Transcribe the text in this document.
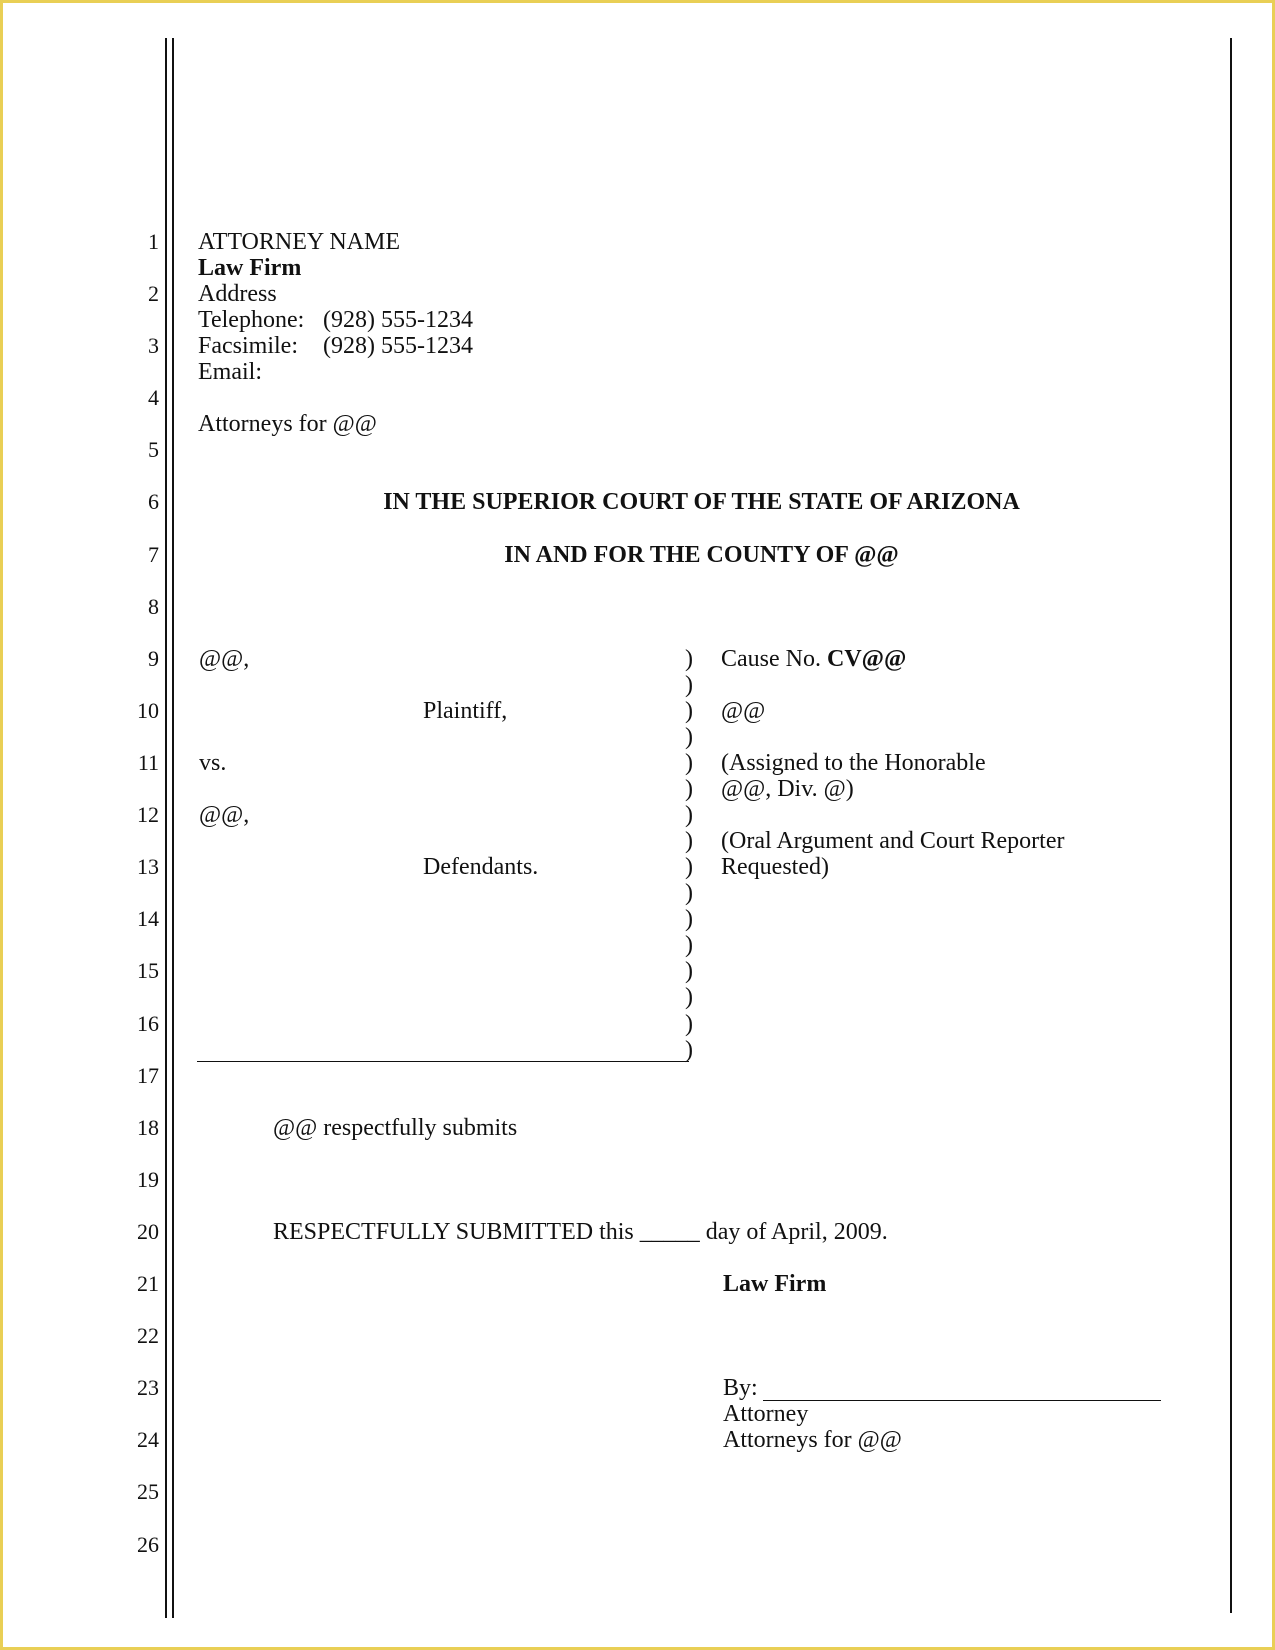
1
2
3
4
5
6
7
8
9
10
11
12
13
14
15
16
17
18
19
20
21
22
23
24
25
26
ATTORNEY NAME
Law Firm
Address
Telephone: (928) 555-1234
Facsimile: (928) 555-1234
Email:
Attorneys for @@
IN THE SUPERIOR COURT OF THE STATE OF ARIZONA
IN AND FOR THE COUNTY OF @@
@@,
Plaintiff,
vs.
@@,
Defendants.
)
)
)
)
)
)
)
)
)
)
)
)
)
)
)
)
Cause No. CV@@
@@
(Assigned to the Honorable
@@, Div. @)
(Oral Argument and Court Reporter
Requested)
@@ respectfully submits
RESPECTFULLY SUBMITTED this _____ day of April, 2009.
Law Firm
By:
Attorney
Attorneys for @@
